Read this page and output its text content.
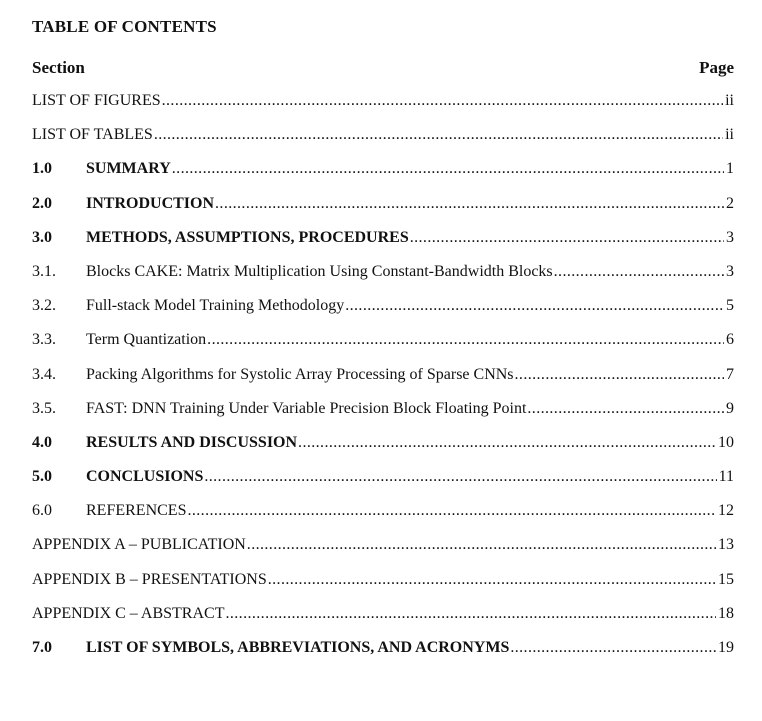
TABLE OF CONTENTS
Section	Page
LIST OF FIGURES .....	ii
LIST OF TABLES .....	ii
1.0	SUMMARY .....	1
2.0	INTRODUCTION .....	2
3.0	METHODS, ASSUMPTIONS, PROCEDURES .....	3
3.1.	Blocks CAKE: Matrix Multiplication Using Constant-Bandwidth Blocks .....	3
3.2.	Full-stack Model Training Methodology .....	5
3.3.	Term Quantization .....	6
3.4.	Packing Algorithms for Systolic Array Processing of Sparse CNNs .....	7
3.5.	FAST: DNN Training Under Variable Precision Block Floating Point .....	9
4.0	RESULTS AND DISCUSSION .....	10
5.0	CONCLUSIONS .....	11
6.0	REFERENCES .....	12
APPENDIX A – PUBLICATION .....	13
APPENDIX B – PRESENTATIONS .....	15
APPENDIX C – ABSTRACT .....	18
7.0	LIST OF SYMBOLS, ABBREVIATIONS, AND ACRONYMS .....	19
